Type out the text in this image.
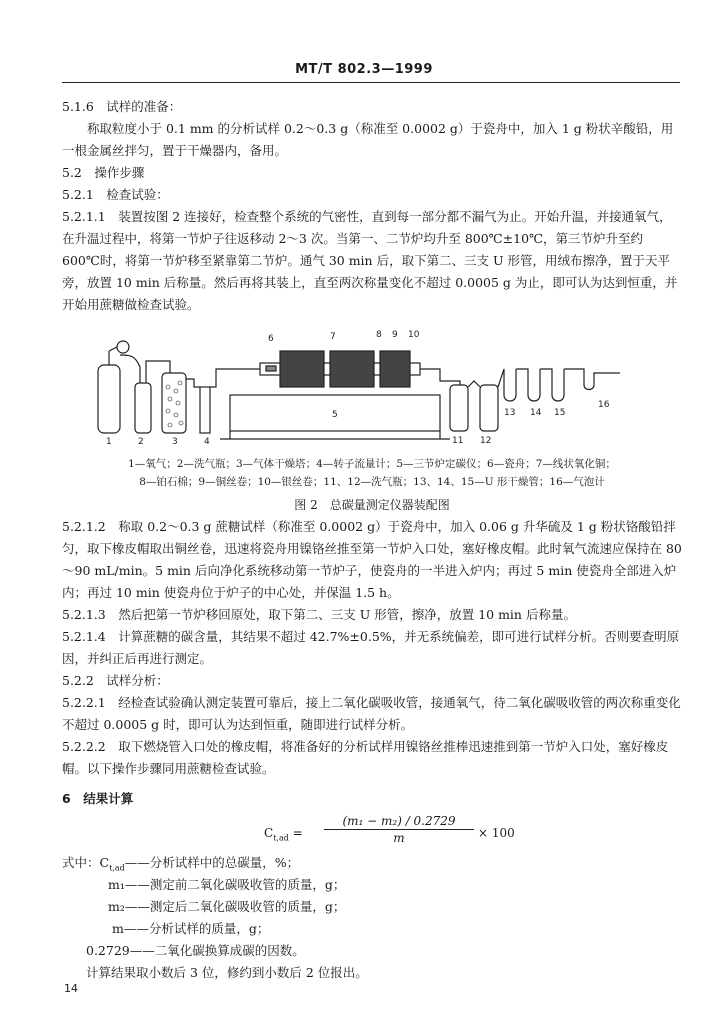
MT/T 802.3—1999
5.1.6　试样的准备：
称取粒度小于 0.1 mm 的分析试样 0.2～0.3 g（称准至 0.0002 g）于瓷舟中，加入 1 g 粉状辛酸铅，用一根金属丝拌匀，置于干燥器内，备用。
5.2　操作步骤
5.2.1　检查试验：
5.2.1.1　装置按图 2 连接好，检查整个系统的气密性，直到每一部分都不漏气为止。开始升温，并接通氧气，在升温过程中，将第一节炉子往返移动 2～3 次。当第一、二节炉均升至 800℃±10℃，第三节炉升至约 600℃时，将第一节炉移至紧靠第二节炉。通气 30 min 后，取下第二、三支 U 形管，用绒布擦净，置于天平旁，放置 10 min 后称量。然后再将其装上，直至两次称量变化不超过 0.0005 g 为止，即可认为达到恒重，并开始用蔗糖做检查试验。
1	2	3	4
5
6	7	8 9 10
11 12
13 14 15
16
1—氧气；2—洗气瓶；3—气体干燥塔；4—转子流量计；5—三节炉定碳仪；6—瓷舟；7—线状氧化铜；
8—铂石棉；9—铜丝卷；10—银丝卷；11、12—洗气瓶；13、14、15—U 形干燥管；16—气泡计
图 2　总碳量测定仪器装配图
5.2.1.2　称取 0.2～0.3 g 蔗糖试样（称准至 0.0002 g）于瓷舟中，加入 0.06 g 升华硫及 1 g 粉状铬酸铅拌匀，取下橡皮帽取出铜丝卷，迅速将瓷舟用镍铬丝推至第一节炉入口处，塞好橡皮帽。此时氧气流速应保持在 80～90 mL/min。5 min 后向净化系统移动第一节炉子，使瓷舟的一半进入炉内；再过 5 min 使瓷舟全部进入炉内；再过 10 min 使瓷舟位于炉子的中心处，并保温 1.5 h。
5.2.1.3　然后把第一节炉移回原处，取下第二、三支 U 形管，擦净，放置 10 min 后称量。
5.2.1.4　计算蔗糖的碳含量，其结果不超过 42.7%±0.5%，并无系统偏差，即可进行试样分析。否则要查明原因，并纠正后再进行测定。
5.2.2　试样分析：
5.2.2.1　经检查试验确认测定装置可靠后，接上二氧化碳吸收管，接通氧气，待二氧化碳吸收管的两次称重变化不超过 0.0005 g 时，即可认为达到恒重，随即进行试样分析。
5.2.2.2　取下燃烧管入口处的橡皮帽，将准备好的分析试样用镍铬丝推棒迅速推到第一节炉入口处，塞好橡皮帽。以下操作步骤同用蔗糖检查试验。
6　结果计算
$C_{t,ad} = \frac{\text{(m₁ − m₂) / 0.2729}}{m} \times 100$
式中：$C_{t,ad}——$分析试样中的总碳量，%；
m₁——测定前二氧化碳吸收管的质量，g；
m₂——测定后二氧化碳吸收管的质量，g；
m——分析试样的质量，g；
0.2729——二氧化碳换算成碳的因数。
计算结果取小数后 3 位，修约到小数后 2 位报出。
14
